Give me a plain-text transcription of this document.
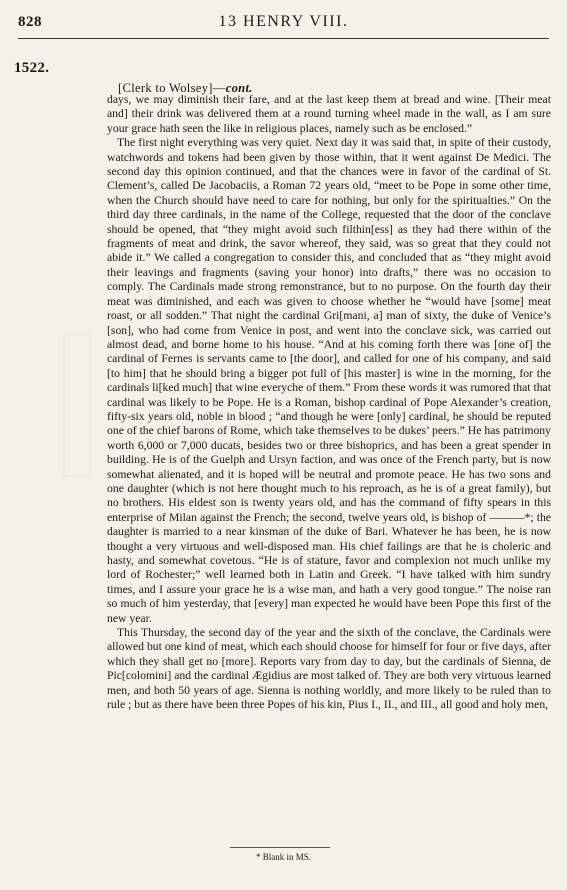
828	13 HENRY VIII.
1522.
[Clerk to Wolsey]—cont.

days, we may diminish their fare, and at the last keep them at bread and wine. [Their meat and] their drink was delivered them at a round turning wheel made in the wall, as I am sure your grace hath seen the like in religious places, namely such as be enclosed.”

The first night everything was very quiet. Next day it was said that, in spite of their custody, watchwords and tokens had been given by those within, that it went against De Medici. The second day this opinion continued, and that the chances were in favor of the cardinal of St. Clement’s, called De Jacobaciis, a Roman 72 years old, “meet to be Pope in some other time, when the Church should have need to care for nothing, but only for the spiritualties.” On the third day three cardinals, in the name of the College, requested that the door of the conclave should be opened, that “they might avoid such filthin[ess] as they had there within of the fragments of meat and drink, the savor whereof, they said, was so great that they could not abide it.” We called a congregation to consider this, and concluded that as “they might avoid their leavings and fragments (saving your honor) into drafts,” there was no occasion to comply. The Cardinals made strong remonstrance, but to no purpose. On the fourth day their meat was diminished, and each was given to choose whether he “would have [some] meat roast, or all sodden.” That night the cardinal Gri[mani, a] man of sixty, the duke of Venice’s [son], who had come from Venice in post, and went into the conclave sick, was carried out almost dead, and borne home to his house. “And at his coming forth there was [one of] the cardinal of Fernes is servants came to [the door], and called for one of his company, and said [to him] that he should bring a bigger pot full of [his master] is wine in the morning, for the cardinals li[ked much] that wine everyche of them.” From these words it was rumored that that cardinal was likely to be Pope. He is a Roman, bishop cardinal of Pope Alexander’s creation, fifty-six years old, noble in blood ; “and though he were [only] cardinal, he should be reputed one of the chief barons of Rome, which take themselves to be dukes’ peers.” He has patrimony worth 6,000 or 7,000 ducats, besides two or three bishoprics, and has been a great spender in building. He is of the Guelph and Ursyn faction, and was once of the French party, but is now somewhat alienated, and it is hoped will be neutral and promote peace. He has two sons and one daughter (which is not here thought much to his reproach, as he is of a great family), but no brothers. His eldest son is twenty years old, and has the command of fifty spears in this enterprise of Milan against the French; the second, twelve years old, is bishop of ———*; the daughter is married to a near kinsman of the duke of Bari. Whatever he has been, he is now thought a very virtuous and well-disposed man. His chief failings are that he is choleric and hasty, and somewhat covetous. “He is of stature, favor and complexion not much unlike my lord of Rochester;” well learned both in Latin and Greek. “I have talked with him sundry times, and I assure your grace he is a wise man, and hath a very good tongue.” The noise ran so much of him yesterday, that [every] man expected he would have been Pope this first of the new year.

This Thursday, the second day of the year and the sixth of the conclave, the Cardinals were allowed but one kind of meat, which each should choose for himself for four or five days, after which they shall get no [more]. Reports vary from day to day, but the cardinals of Sienna, de Pic[colomini] and the cardinal Ægidius are most talked of. They are both very virtuous learned men, and both 50 years of age. Sienna is nothing worldly, and more likely to be ruled than to rule ; but as there have been three Popes of his kin, Pius I., II., and III., all good and holy men,

* Blank in MS.
